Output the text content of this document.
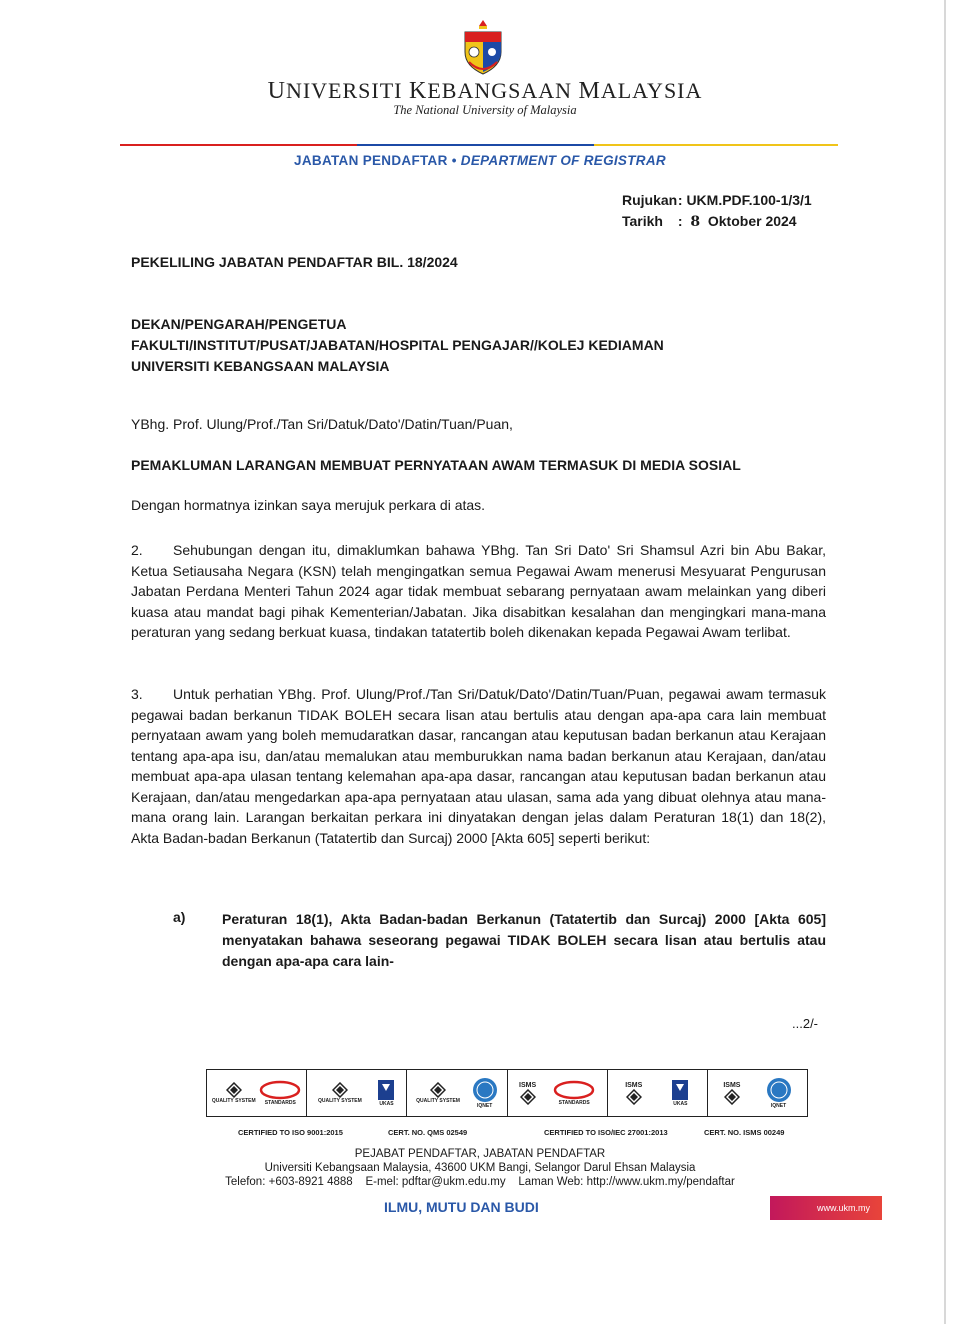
UNIVERSITI KEBANGSAAN MALAYSIA
The National University of Malaysia
JABATAN PENDAFTAR • DEPARTMENT OF REGISTRAR
Rujukan : UKM.PDF.100-1/3/1
Tarikh : 8 Oktober 2024
PEKELILING JABATAN PENDAFTAR BIL. 18/2024
DEKAN/PENGARAH/PENGETUA
FAKULTI/INSTITUT/PUSAT/JABATAN/HOSPITAL PENGAJAR//KOLEJ KEDIAMAN
UNIVERSITI KEBANGSAAN MALAYSIA
YBhg. Prof. Ulung/Prof./Tan Sri/Datuk/Dato'/Datin/Tuan/Puan,
PEMAKLUMAN LARANGAN MEMBUAT PERNYATAAN AWAM TERMASUK DI MEDIA SOSIAL
Dengan hormatnya izinkan saya merujuk perkara di atas.
2. Sehubungan dengan itu, dimaklumkan bahawa YBhg. Tan Sri Dato' Sri Shamsul Azri bin Abu Bakar, Ketua Setiausaha Negara (KSN) telah mengingatkan semua Pegawai Awam menerusi Mesyuarat Pengurusan Jabatan Perdana Menteri Tahun 2024 agar tidak membuat sebarang pernyataan awam melainkan yang diberi kuasa atau mandat bagi pihak Kementerian/Jabatan. Jika disabitkan kesalahan dan mengingkari mana-mana peraturan yang sedang berkuat kuasa, tindakan tatatertib boleh dikenakan kepada Pegawai Awam terlibat.
3. Untuk perhatian YBhg. Prof. Ulung/Prof./Tan Sri/Datuk/Dato'/Datin/Tuan/Puan, pegawai awam termasuk pegawai badan berkanun TIDAK BOLEH secara lisan atau bertulis atau dengan apa-apa cara lain membuat pernyataan awam yang boleh memudaratkan dasar, rancangan atau keputusan badan berkanun atau Kerajaan tentang apa-apa isu, dan/atau memalukan atau memburukkan nama badan berkanun atau Kerajaan, dan/atau membuat apa-apa ulasan tentang kelemahan apa-apa dasar, rancangan atau keputusan badan berkanun atau Kerajaan, dan/atau mengedarkan apa-apa pernyataan atau ulasan, sama ada yang dibuat olehnya atau mana-mana orang lain. Larangan berkaitan perkara ini dinyatakan dengan jelas dalam Peraturan 18(1) dan 18(2), Akta Badan-badan Berkanun (Tatatertib dan Surcaj) 2000 [Akta 605] seperti berikut:
a)	Peraturan 18(1), Akta Badan-badan Berkanun (Tatatertib dan Surcaj) 2000 [Akta 605] menyatakan bahawa seseorang pegawai TIDAK BOLEH secara lisan atau bertulis atau dengan apa-apa cara lain-
...2/-
QUALITY SYSTEM STANDARDS	QUALITY SYSTEM	UKAS	QUALITY SYSTEM
IQNET
ISMS
STANDARDS
ISMS
UKAS
ISMS
IQNET
CERTIFIED TO ISO 9001:2015	CERT. NO. QMS 02549	CERTIFIED TO ISO/IEC 27001:2013	CERT. NO. ISMS 00249
PEJABAT PENDAFTAR, JABATAN PENDAFTAR
Universiti Kebangsaan Malaysia, 43600 UKM Bangi, Selangor Darul Ehsan Malaysia
Telefon: +603-8921 4888    E-mel: pdftar@ukm.edu.my    Laman Web: http://www.ukm.my/pendaftar
ILMU, MUTU DAN BUDI	www.ukm.my
